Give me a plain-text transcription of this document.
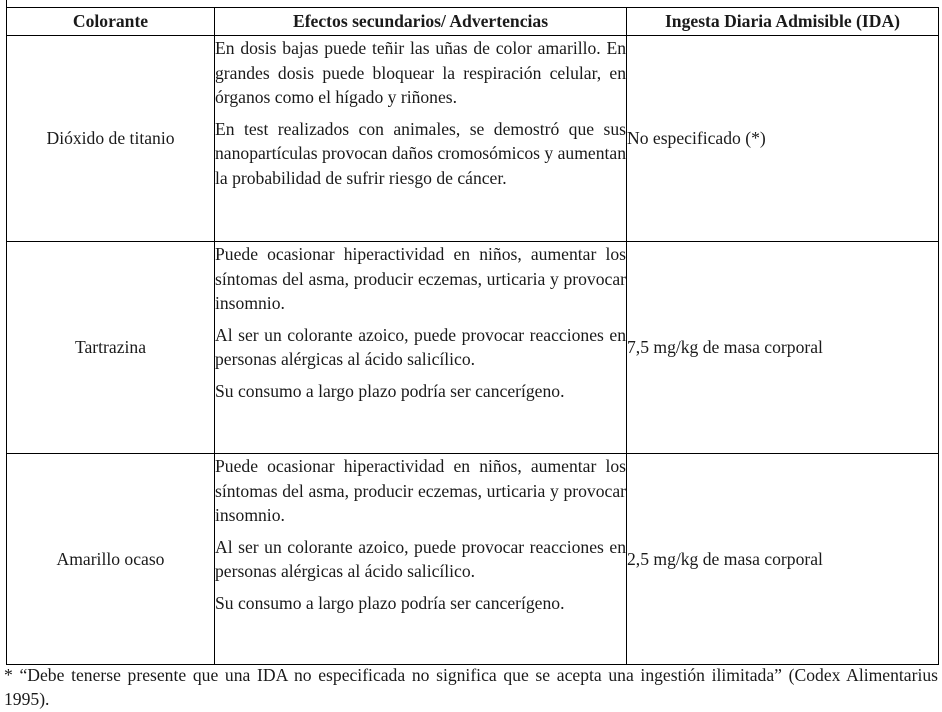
Colorante	Efectos secundarios/ Advertencias	Ingesta Diaria Admisible (IDA)
Dióxido de titanio	En dosis bajas puede teñir las uñas de color amarillo. En grandes dosis puede bloquear la respiración celular, en órganos como el hígado y riñones.

En test realizados con animales, se demostró que sus nanopartículas provocan daños cromosómicos y aumentan la probabilidad de sufrir riesgo de cáncer.	No especificado (*)
Tartrazina	Puede ocasionar hiperactividad en niños, aumentar los síntomas del asma, producir eczemas, urticaria y provocar insomnio.

Al ser un colorante azoico, puede provocar reacciones en personas alérgicas al ácido salicílico.

Su consumo a largo plazo podría ser cancerígeno.	7,5 mg/kg de masa corporal
Amarillo ocaso	Puede ocasionar hiperactividad en niños, aumentar los síntomas del asma, producir eczemas, urticaria y provocar insomnio.

Al ser un colorante azoico, puede provocar reacciones en personas alérgicas al ácido salicílico.

Su consumo a largo plazo podría ser cancerígeno.	2,5 mg/kg de masa corporal
* “Debe tenerse presente que una IDA no especificada no significa que se acepta una ingestión ilimitada” (Codex Alimentarius 1995).
